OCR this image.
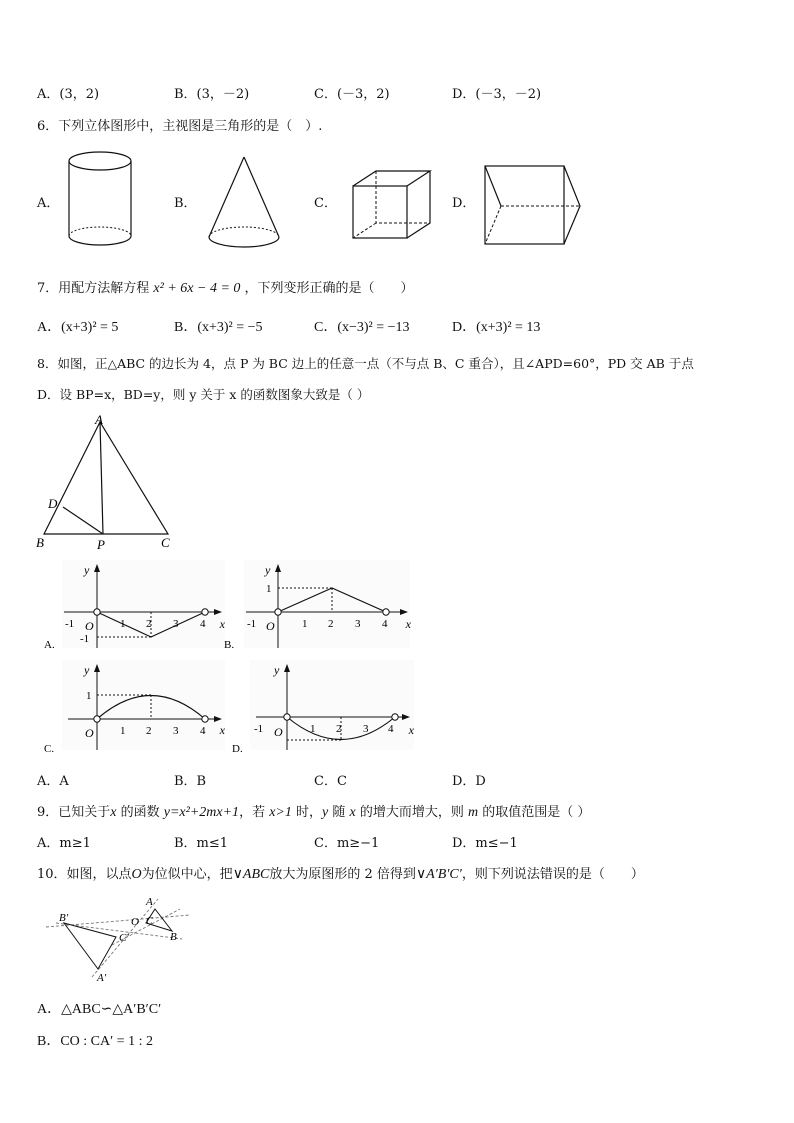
A．(3，2)	B．(3，－2)	C．(－3，2)	D．(－3，－2)
6．下列立体图形中，主视图是三角形的是（　）.
A．	B．	C．	D．
7．用配方法解方程 x² + 6x − 4 = 0 ，下列变形正确的是（　　）
A．(x+3)² = 5	B．(x+3)² = −5	C．(x−3)² = −13	D．(x+3)² = 13
8．如图，正△ABC 的边长为 4，点 P 为 BC 边上的任意一点（不与点 B、C 重合），且∠APD=60°，PD 交 AB 于点
D．设 BP=x，BD=y，则 y 关于 x 的函数图象大致是（ ）
A
B	C
D
P
y
x
-1 O 1 2 3 4
-1
A.
y
x
-1 O 1 2 3 4
1
B.
y
x
O 1 2 3 4
1
C.
y
x
-1 O 1 2 3 4
D.
A．A	B．B	C．C	D．D
9．已知关于x 的函数 y=x²+2mx+1，若 x>1 时，y 随 x 的增大而增大，则 m 的取值范围是（ ）
A．m≥1	B．m≤1	C．m≥−1	D．m≤−1
10．如图，以点O为位似中心，把∨ABC放大为原图形的 2 倍得到∨A′B′C′，则下列说法错误的是（　　）
B′
C′
A′
O
A
C
B
A．△ABC∽△A′B′C′
B．CO : CA′ = 1 : 2
